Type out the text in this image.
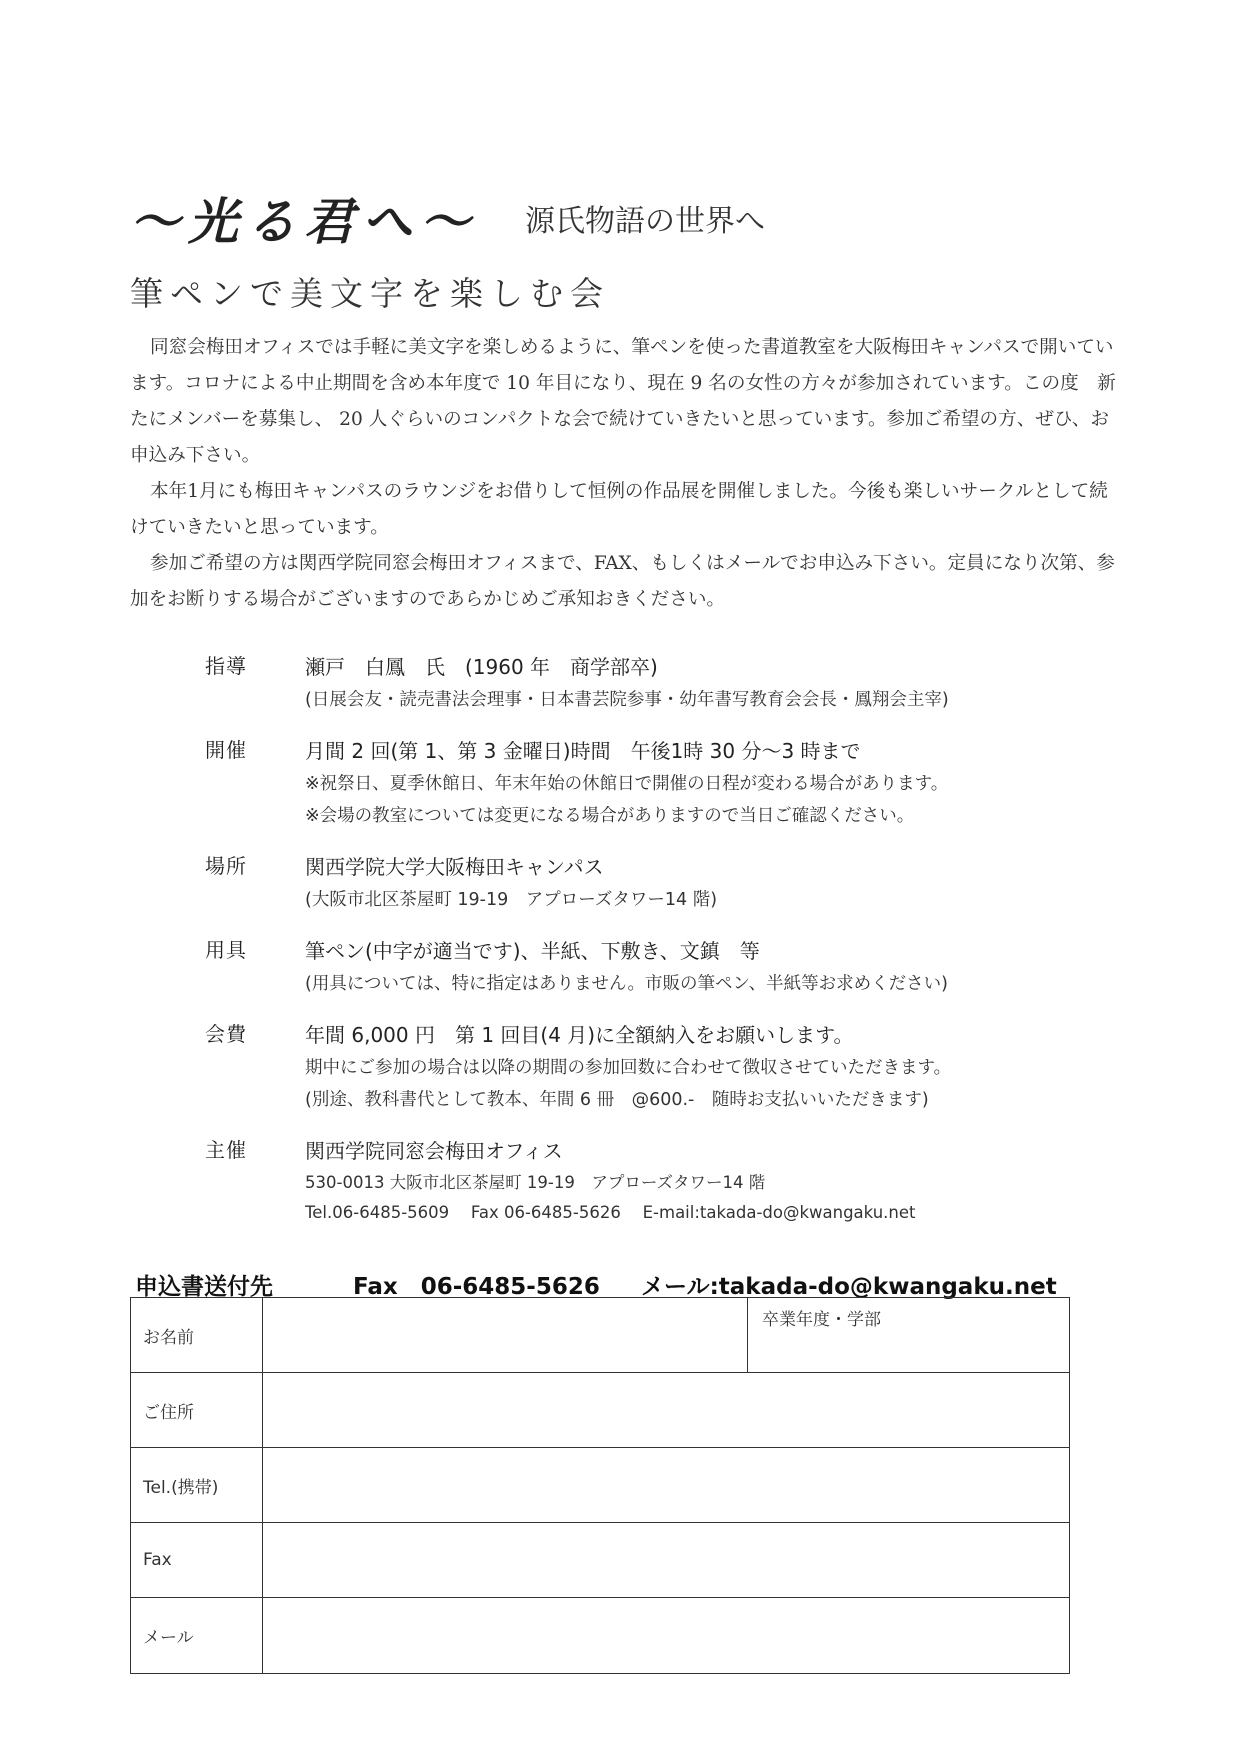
〜光る君へ〜 源氏物語の世界へ
筆ペンで美文字を楽しむ会

同窓会梅田オフィスでは手軽に美文字を楽しめるように、筆ペンを使った書道教室を大阪梅田キャンパスで開いています。コロナによる中止期間を含め本年度で 10 年目になり、現在 9 名の女性の方々が参加されています。この度　新たにメンバーを募集し、 20 人ぐらいのコンパクトな会で続けていきたいと思っています。参加ご希望の方、ぜひ、お申込み下さい。

本年1月にも梅田キャンパスのラウンジをお借りして恒例の作品展を開催しました。今後も楽しいサークルとして続けていきたいと思っています。

参加ご希望の方は関西学院同窓会梅田オフィスまで、FAX、もしくはメールでお申込み下さい。定員になり次第、参加をお断りする場合がございますのであらかじめご承知おきください。

指導	瀬戸　白鳳　氏　(1960 年　商学部卒)
(日展会友・読売書法会理事・日本書芸院参事・幼年書写教育会会長・鳳翔会主宰)
開催	月間 2 回(第 1、第 3 金曜日)時間　午後1時 30 分〜3 時まで
※祝祭日、夏季休館日、年末年始の休館日で開催の日程が変わる場合があります。
※会場の教室については変更になる場合がありますので当日ご確認ください。
場所	関西学院大学大阪梅田キャンパス
(大阪市北区茶屋町 19-19　アプローズタワー14 階)
用具	筆ペン(中字が適当です)、半紙、下敷き、文鎮　等
(用具については、特に指定はありません。市販の筆ペン、半紙等お求めください)
会費	年間 6,000 円　第 1 回目(4 月)に全額納入をお願いします。
期中にご参加の場合は以降の期間の参加回数に合わせて徴収させていただきます。
(別途、教科書代として教本、年間 6 冊　@600.-　随時お支払いいただきます)
主催	関西学院同窓会梅田オフィス
530-0013 大阪市北区茶屋町 19-19　アプローズタワー14 階
Tel.06-6485-5609　 Fax 06-6485-5626　 E-mail:takada-do@kwangaku.net
申込書送付先	Fax　06-6485-5626 メール:takada-do@kwangaku.net
お名前
卒業年度・学部
ご住所
Tel.(携帯)
Fax
メール
